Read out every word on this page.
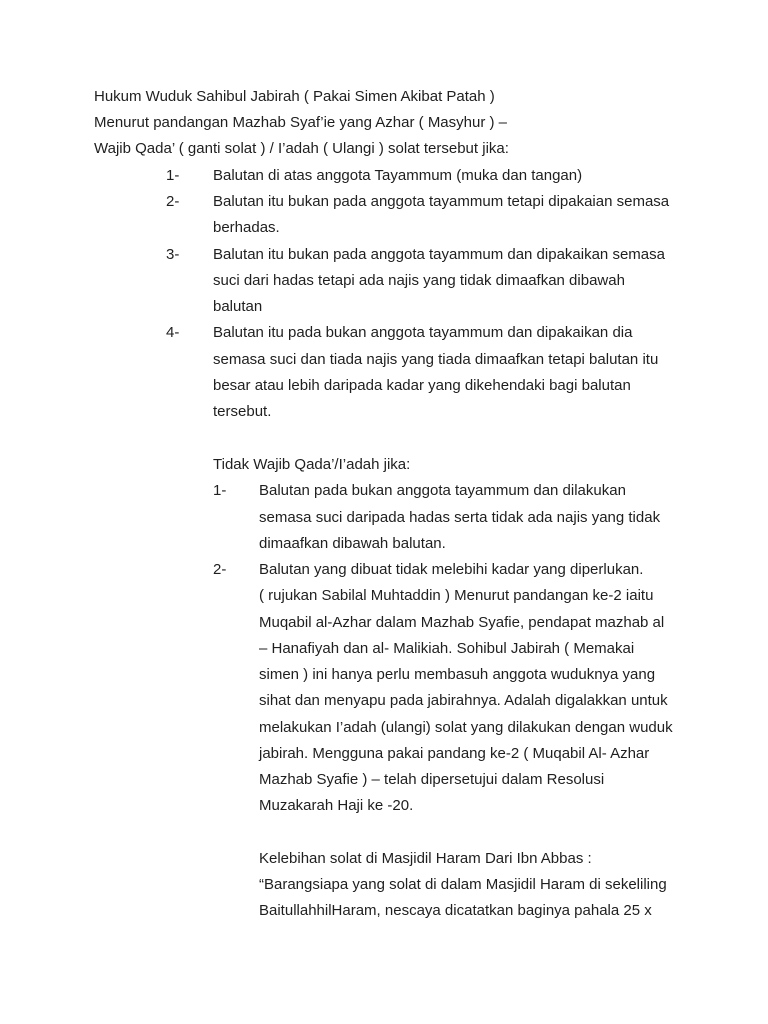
Hukum Wuduk Sahibul Jabirah ( Pakai Simen Akibat Patah )
Menurut pandangan Mazhab Syaf’ie yang Azhar ( Masyhur ) –
Wajib Qada’ ( ganti solat ) / I’adah ( Ulangi ) solat tersebut jika:
1- Balutan di atas anggota Tayammum (muka dan tangan)
2- Balutan itu bukan pada anggota tayammum tetapi dipakaian semasa
berhadas.
3- Balutan itu bukan pada anggota tayammum dan dipakaikan semasa
suci dari hadas tetapi ada najis yang tidak dimaafkan dibawah
balutan
4- Balutan itu pada bukan anggota tayammum dan dipakaikan dia
semasa suci dan tiada najis yang tiada dimaafkan tetapi balutan itu
besar atau lebih daripada kadar yang dikehendaki bagi balutan
tersebut.
Tidak Wajib Qada’/I’adah jika:
1- Balutan pada bukan anggota tayammum dan dilakukan
semasa suci daripada hadas serta tidak ada najis yang tidak
dimaafkan dibawah balutan.
2- Balutan yang dibuat tidak melebihi kadar yang diperlukan.
( rujukan Sabilal Muhtaddin ) Menurut pandangan ke-2 iaitu
Muqabil al-Azhar dalam Mazhab Syafie, pendapat mazhab al
– Hanafiyah dan al- Malikiah. Sohibul Jabirah ( Memakai
simen ) ini hanya perlu membasuh anggota wuduknya yang
sihat dan menyapu pada jabirahnya. Adalah digalakkan untuk
melakukan I’adah (ulangi) solat yang dilakukan dengan wuduk
jabirah. Mengguna pakai pandang ke-2 ( Muqabil Al- Azhar
Mazhab Syafie ) – telah dipersetujui dalam Resolusi
Muzakarah Haji ke -20.
Kelebihan solat di Masjidil Haram Dari Ibn Abbas :
“Barangsiapa yang solat di dalam Masjidil Haram di sekeliling
BaitullahhilHaram, nescaya dicatatkan baginya pahala 25 x
